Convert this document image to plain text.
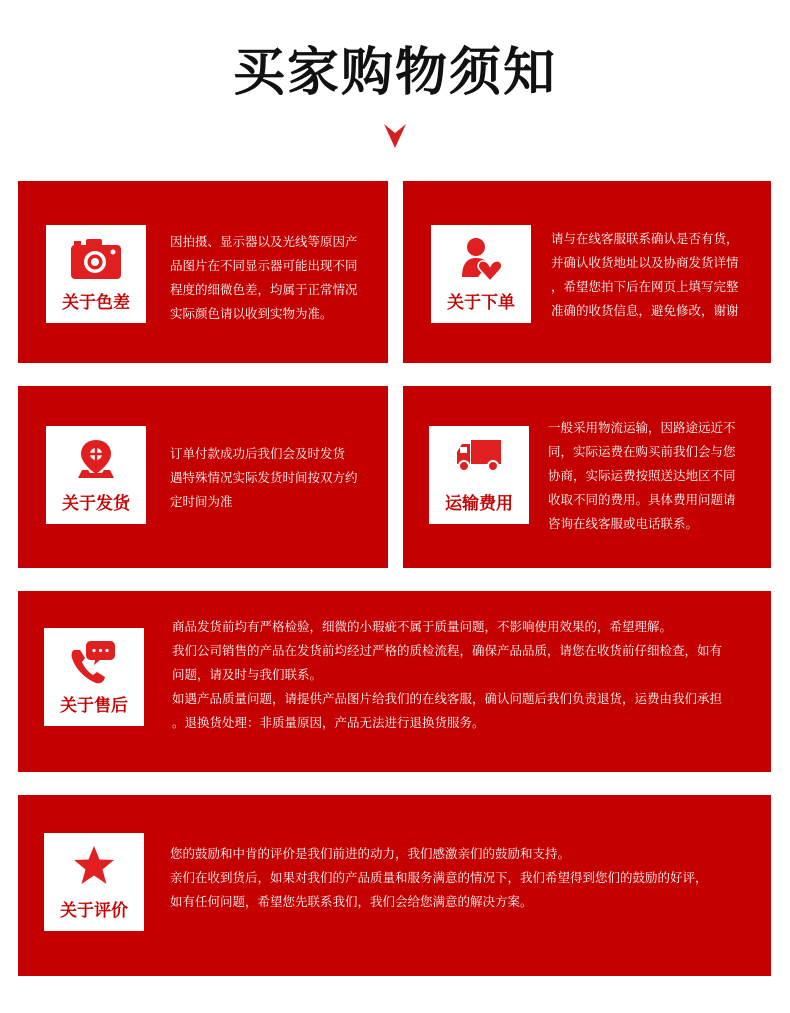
买家购物须知
关于色差

因拍摄、显示器以及光线等原因产

品图片在不同显示器可能出现不同

程度的细微色差，均属于正常情况

实际颜色请以收到实物为准。

关于下单

请与在线客服联系确认是否有货，

并确认收货地址以及协商发货详情

，希望您拍下后在网页上填写完整

准确的收货信息，避免修改，谢谢

关于发货

订单付款成功后我们会及时发货

遇特殊情况实际发货时间按双方约

定时间为准	运输费用

一般采用物流运输，因路途远近不

同，实际运费在购买前我们会与您

协商，实际运费按照送达地区不同

收取不同的费用。具体费用问题请

咨询在线客服或电话联系。

关于售后

商品发货前均有严格检验，细微的小瑕疵不属于质量问题，不影响使用效果的，希望理解。

我们公司销售的产品在发货前均经过严格的质检流程，确保产品品质，请您在收货前仔细检查，如有

问题，请及时与我们联系。

如遇产品质量问题，请提供产品图片给我们的在线客服，确认问题后我们负责退货，运费由我们承担

。退换货处理：非质量原因，产品无法进行退换货服务。

关于评价

您的鼓励和中肯的评价是我们前进的动力，我们感激亲们的鼓励和支持。

亲们在收到货后，如果对我们的产品质量和服务满意的情况下，我们希望得到您们的鼓励的好评，

如有任何问题，希望您先联系我们，我们会给您满意的解决方案。
